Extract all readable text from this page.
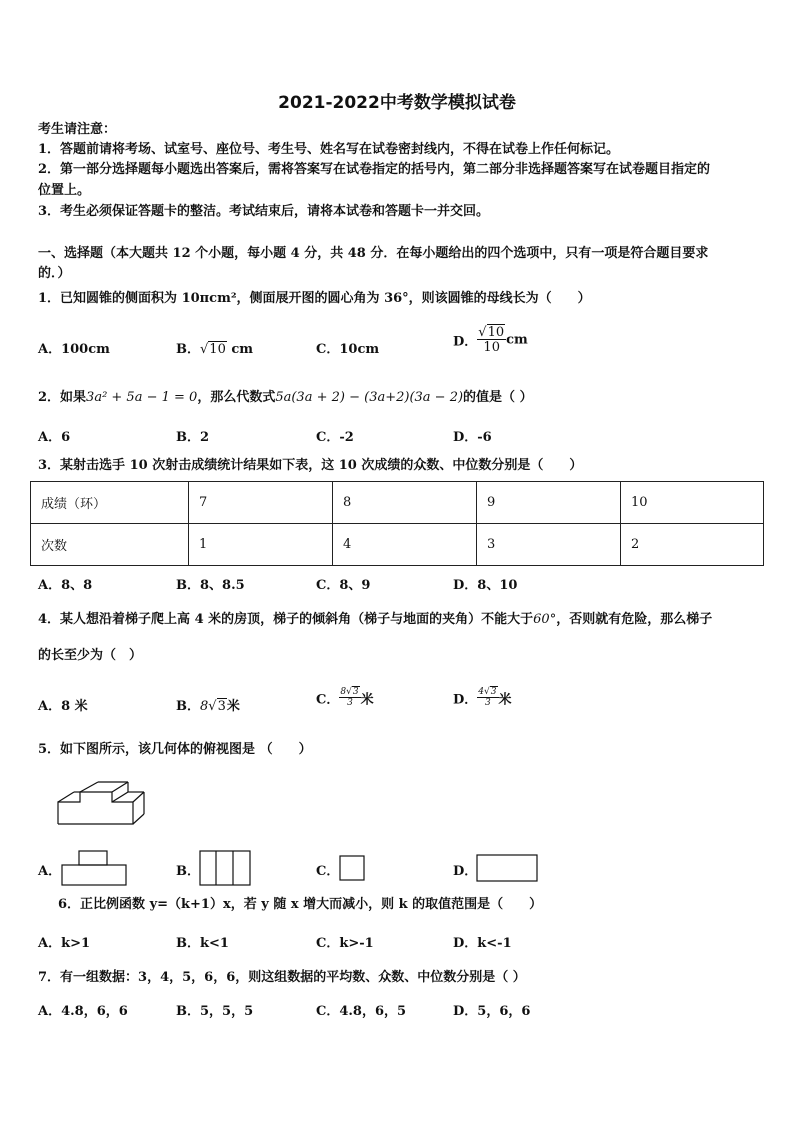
2021-2022中考数学模拟试卷
考生请注意：
1．答题前请将考场、试室号、座位号、考生号、姓名写在试卷密封线内，不得在试卷上作任何标记。
2．第一部分选择题每小题选出答案后，需将答案写在试卷指定的括号内，第二部分非选择题答案写在试卷题目指定的
位置上。
3．考生必须保证答题卡的整洁。考试结束后，请将本试卷和答题卡一并交回。
一、选择题（本大题共 12 个小题，每小题 4 分，共 48 分．在每小题给出的四个选项中，只有一项是符合题目要求
的．）
1．已知圆锥的侧面积为 10πcm²，侧面展开图的圆心角为 36°，则该圆锥的母线长为（　　）
A．100cm	B．√10 cm	C．10cm	D． $\frac{√10}{10}$ cm
2．如果3a² + 5a − 1 = 0，那么代数式5a(3a + 2) − (3a+2)(3a − 2)的值是（ ）
A．6	B．2	C．-2	D．-6
3．某射击选手 10 次射击成绩统计结果如下表，这 10 次成绩的众数、中位数分别是（　　）
成绩（环）	7	8	9	10
次数	1	4	3	2
A．8、8	B．8、8.5	C．8、9	D．8、10
4．某人想沿着梯子爬上高 4 米的房顶，梯子的倾斜角（梯子与地面的夹角）不能大于60°，否则就有危险，那么梯子
的长至少为（　）
A．8 米	B．8√3米	C． $\frac{8√3}{3}$ 米	D． $\frac{4√3}{3}$ 米
5．如下图所示，该几何体的俯视图是 （　　）
A．	B．	C．	D．
6．正比例函数 y=（k+1）x，若 y 随 x 增大而减小，则 k 的取值范围是（　　）
A．k>1	B．k<1	C．k>-1	D．k<-1
7．有一组数据：3，4，5，6，6，则这组数据的平均数、众数、中位数分别是（ ）
A．4.8，6，6	B．5，5，5	C．4.8，6，5	D．5，6，6
